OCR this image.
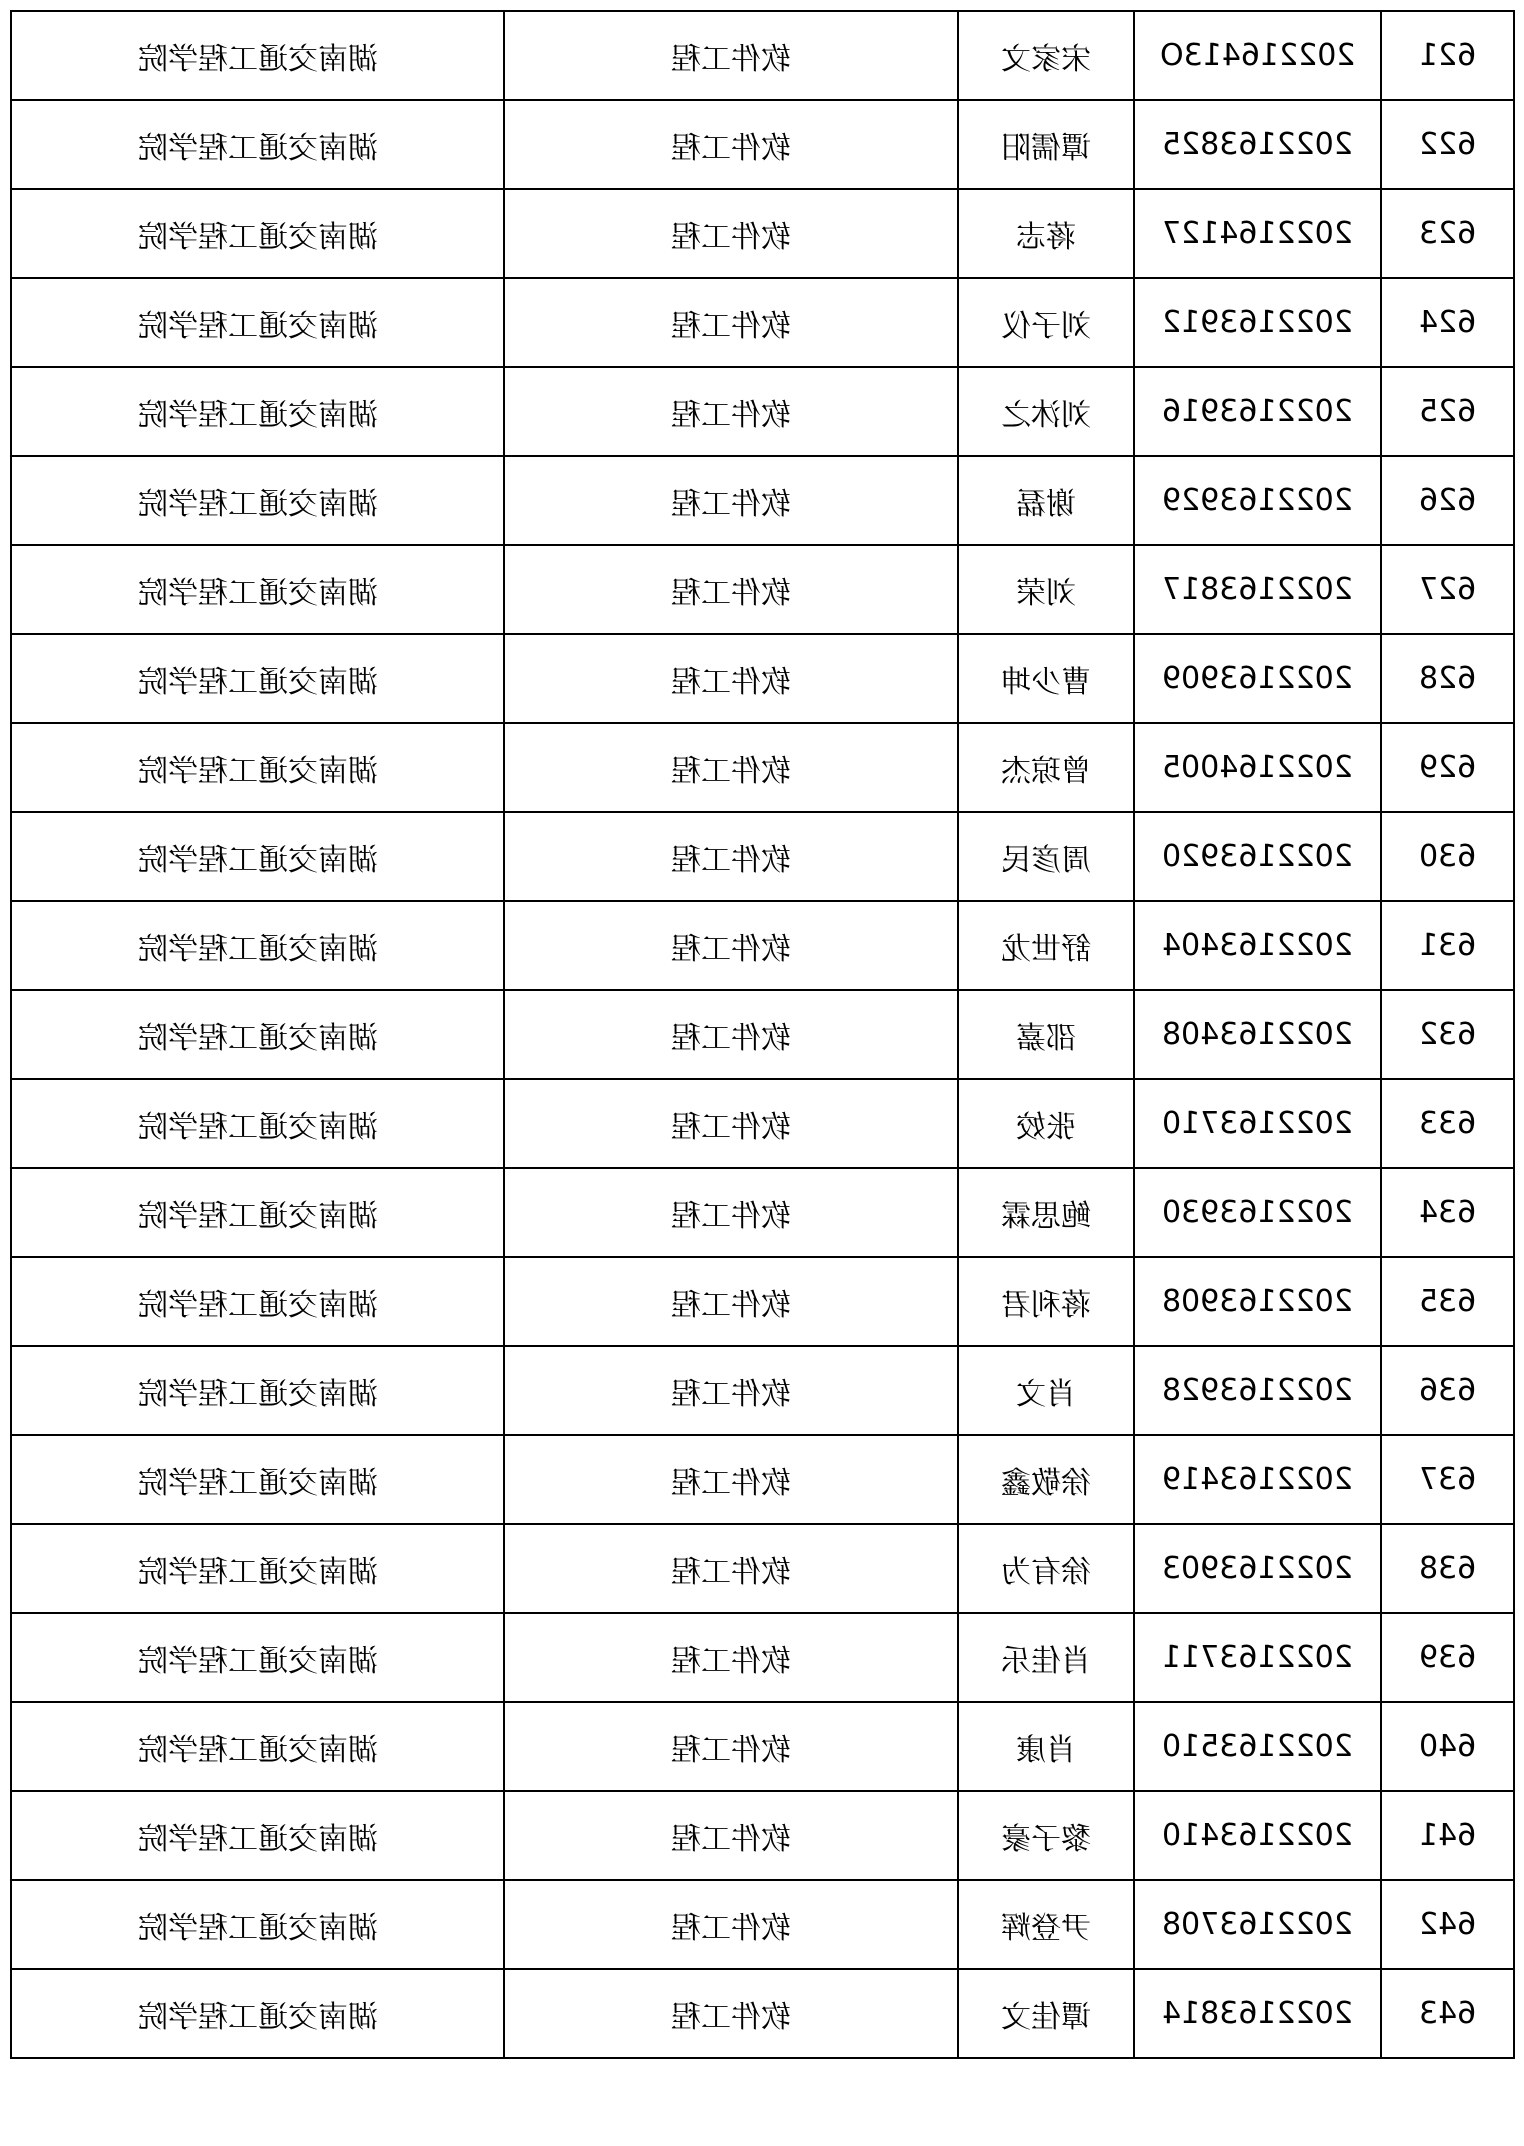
湖南交通工程学院	软件工程	宋家文	202216413O	621
湖南交通工程学院	软件工程	谭儒阳	2022163825	622
湖南交通工程学院	软件工程	蒋志	2022164127	623
湖南交通工程学院	软件工程	刘子仪	2022163912	624
湖南交通工程学院	软件工程	刘沐之	2022163916	625
湖南交通工程学院	软件工程	谢磊	2022163929	626
湖南交通工程学院	软件工程	刘荣	2022163817	627
湖南交通工程学院	软件工程	曹少坤	2022163909	628
湖南交通工程学院	软件工程	曾琼杰	2022164005	629
湖南交通工程学院	软件工程	周彦民	2022163920	630
湖南交通工程学院	软件工程	舒世龙	2022163404	631
湖南交通工程学院	软件工程	邵嘉	2022163408	632
湖南交通工程学院	软件工程	张姣	2022163710	633
湖南交通工程学院	软件工程	鲍思霖	2022163930	634
湖南交通工程学院	软件工程	蒋利君	2022163908	635
湖南交通工程学院	软件工程	肖文	2022163928	636
湖南交通工程学院	软件工程	徐敬鑫	2022163419	637
湖南交通工程学院	软件工程	徐有为	2022163903	638
湖南交通工程学院	软件工程	肖佳乐	2022163711	639
湖南交通工程学院	软件工程	肖康	2022163510	640
湖南交通工程学院	软件工程	黎子豪	2022163410	641
湖南交通工程学院	软件工程	尹登辉	2022163708	642
湖南交通工程学院	软件工程	谭佳文	2022163814	643
